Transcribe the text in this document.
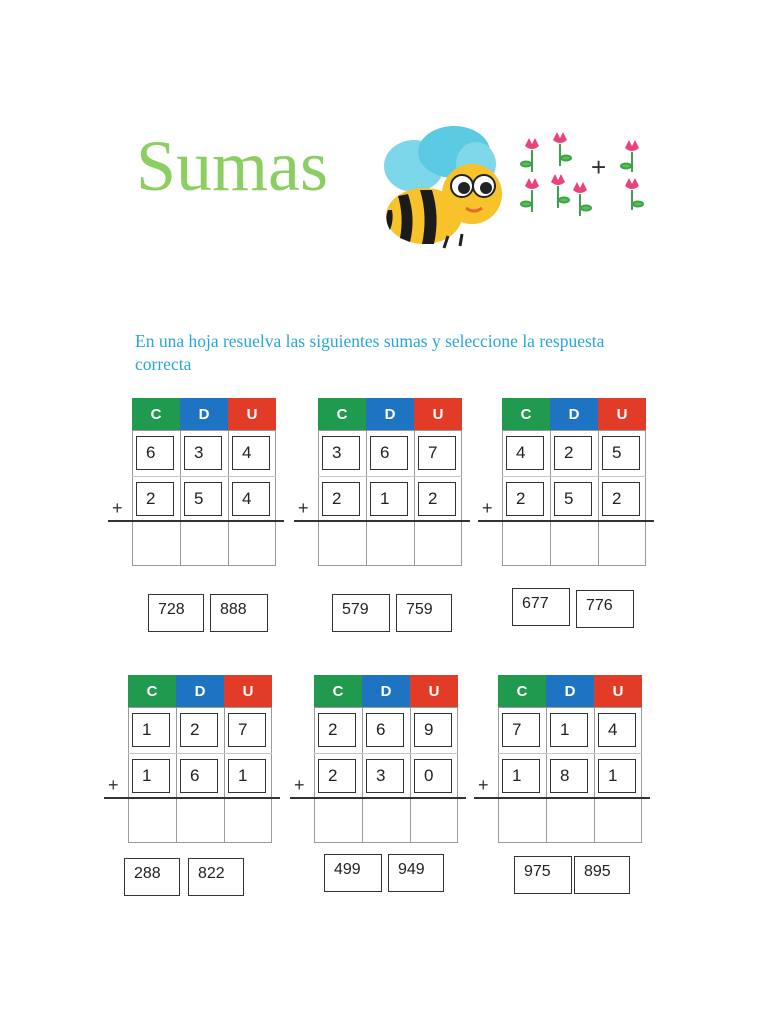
Sumas	+
En una hoja resuelva las siguientes sumas y seleccione la respuesta correcta
C	D	U
+
6	3	4
2	5	4
728	888
C	D	U
+
3	6	7
2	1	2
579	759
C	D	U
+
4	2	5
2	5	2
677	776
C	D	U
+
1	2	7
1	6	1
288	822
C	D	U
+
2	6	9
2	3	0
499	949
C	D	U
+
7	1	4
1	8	1
975	895
